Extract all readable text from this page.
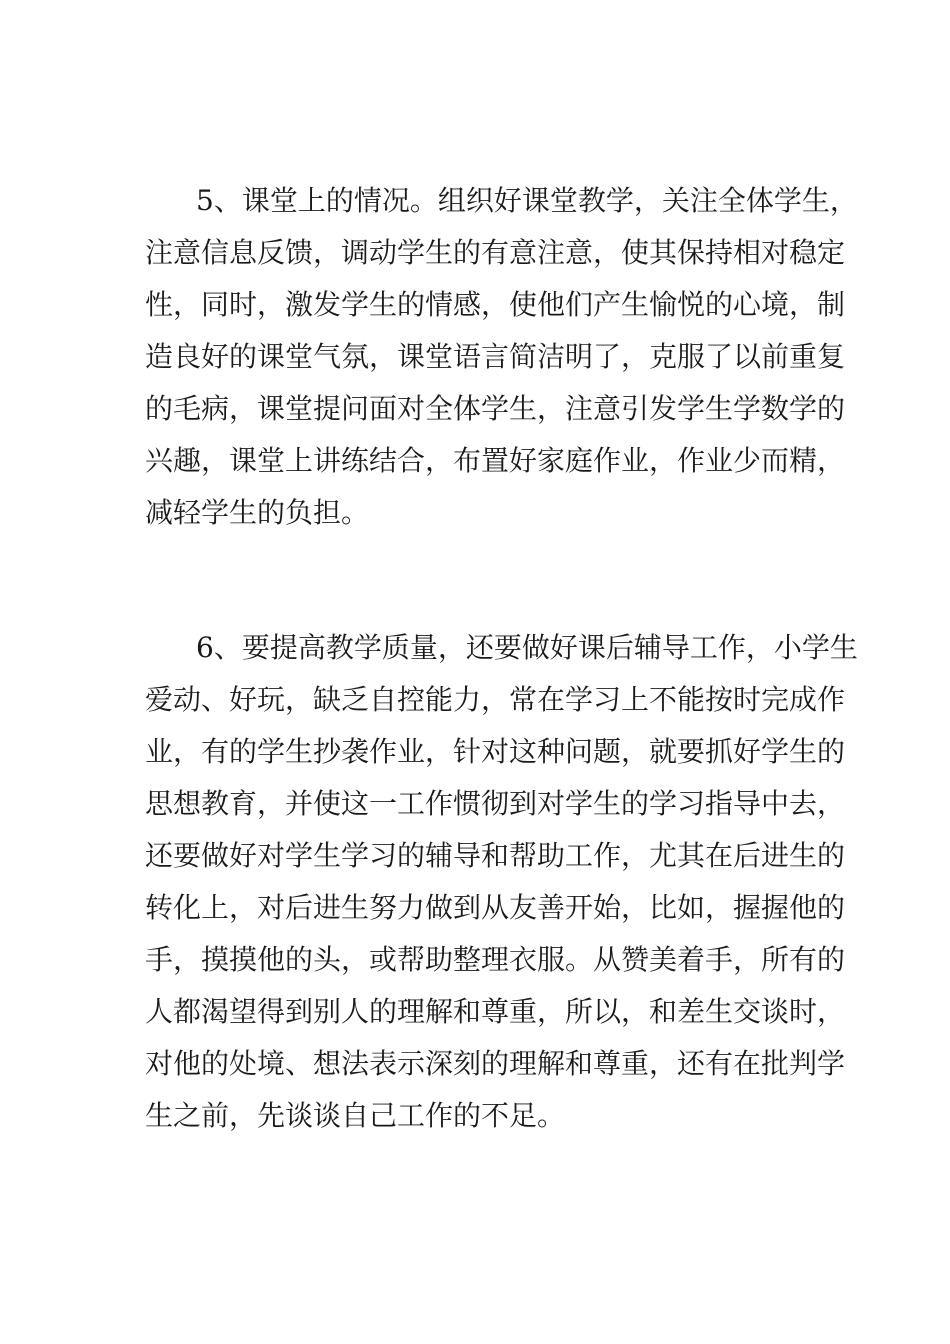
5、课堂上的情况。组织好课堂教学，关注全体学生，
注意信息反馈，调动学生的有意注意，使其保持相对稳定
性，同时，激发学生的情感，使他们产生愉悦的心境，制
造良好的课堂气氛，课堂语言简洁明了，克服了以前重复
的毛病，课堂提问面对全体学生，注意引发学生学数学的
兴趣，课堂上讲练结合，布置好家庭作业，作业少而精，
减轻学生的负担。
6、要提高教学质量，还要做好课后辅导工作，小学生
爱动、好玩，缺乏自控能力，常在学习上不能按时完成作
业，有的学生抄袭作业，针对这种问题，就要抓好学生的
思想教育，并使这一工作惯彻到对学生的学习指导中去，
还要做好对学生学习的辅导和帮助工作，尤其在后进生的
转化上，对后进生努力做到从友善开始，比如，握握他的
手，摸摸他的头，或帮助整理衣服。从赞美着手，所有的
人都渴望得到别人的理解和尊重，所以，和差生交谈时，
对他的处境、想法表示深刻的理解和尊重，还有在批判学
生之前，先谈谈自己工作的不足。
